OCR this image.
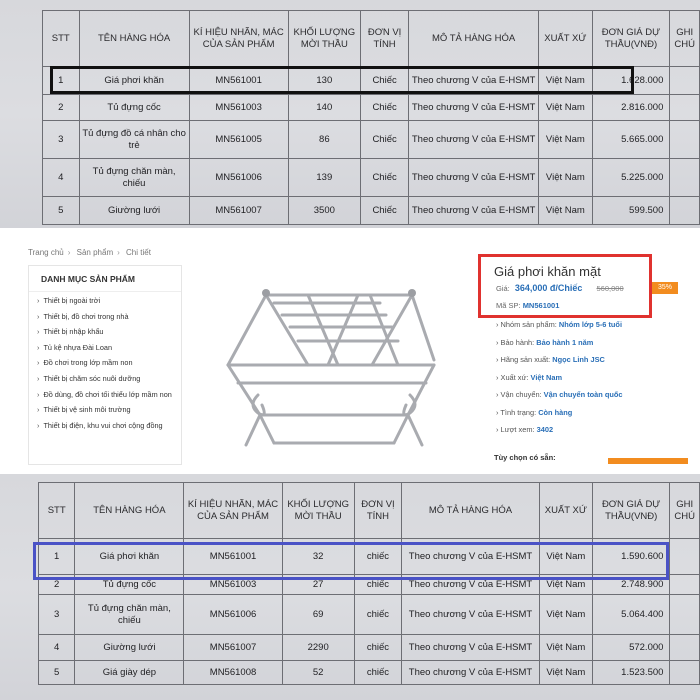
STT	TÊN HÀNG HÓA	KÍ HIỆU NHÃN, MÁC CỦA SẢN PHẨM	KHỐI LƯỢNG MỜI THẦU	ĐƠN VỊ TÍNH	MÔ TẢ HÀNG HÓA	XUẤT XỨ	ĐƠN GIÁ DỰ THẦU(VNĐ)	GHI CHÚ
1	Giá phơi khăn	MN561001	130	Chiếc	Theo chương V của E-HSMT	Việt Nam	1.628.000	
2	Tủ đựng cốc	MN561003	140	Chiếc	Theo chương V của E-HSMT	Việt Nam	2.816.000	
3	Tủ đựng đồ cá nhân cho trẻ	MN561005	86	Chiếc	Theo chương V của E-HSMT	Việt Nam	5.665.000	
4	Tủ đựng chăn màn, chiếu	MN561006	139	Chiếc	Theo chương V của E-HSMT	Việt Nam	5.225.000	
5	Giường lưới	MN561007	3500	Chiếc	Theo chương V của E-HSMT	Việt Nam	599.500	
Trang chủ › Sản phẩm › Chi tiết
DANH MỤC SẢN PHẨM
› Thiết bị ngoài trời
› Thiết bị, đồ chơi trong nhà
› Thiết bị nhập khẩu
› Tủ kệ nhựa Đài Loan
› Đồ chơi trong lớp mầm non
› Thiết bị chăm sóc nuôi dưỡng
› Đồ dùng, đồ chơi tối thiểu lớp mầm non
› Thiết bị vệ sinh môi trường
› Thiết bị điện, khu vui chơi cộng đồng
Giá phơi khăn mặt
Giá: 364,000 đ/Chiếc 560,000	35%
Mã SP: MN561001
› Nhóm sản phẩm: Nhóm lớp 5-6 tuổi
› Bảo hành: Bảo hành 1 năm
› Hãng sản xuất: Ngọc Linh JSC
› Xuất xứ: Việt Nam
› Vận chuyển: Vận chuyển toàn quốc
› Tình trạng: Còn hàng
› Lượt xem: 3402
Tùy chọn có sẵn:
STT	TÊN HÀNG HÓA	KÍ HIỆU NHÃN, MÁC CỦA SẢN PHẨM	KHỐI LƯỢNG MỜI THẦU	ĐƠN VỊ TÍNH	MÔ TẢ HÀNG HÓA	XUẤT XỨ	ĐƠN GIÁ DỰ THẦU(VNĐ)	GHI CHÚ
1	Giá phơi khăn	MN561001	32	chiếc	Theo chương V của E-HSMT	Việt Nam	1.590.600	
2	Tủ đựng cốc	MN561003	27	chiếc	Theo chương V của E-HSMT	Việt Nam	2.748.900	
3	Tủ đựng chăn màn, chiếu	MN561006	69	chiếc	Theo chương V của E-HSMT	Việt Nam	5.064.400	
4	Giường lưới	MN561007	2290	chiếc	Theo chương V của E-HSMT	Việt Nam	572.000	
5	Giá giày dép	MN561008	52	chiếc	Theo chương V của E-HSMT	Việt Nam	1.523.500	
